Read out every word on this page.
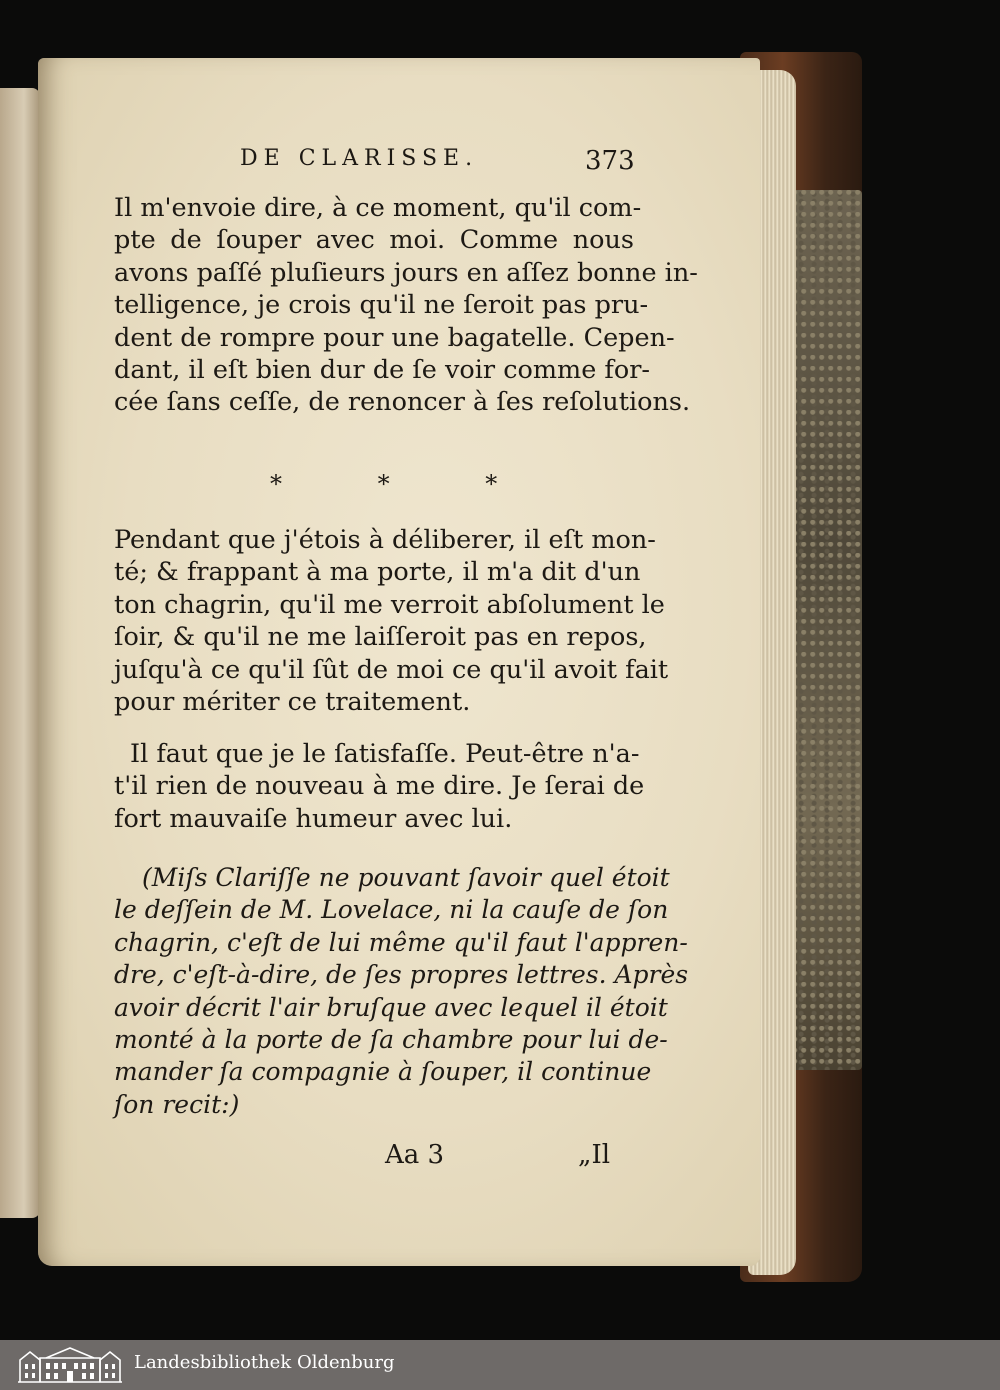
DE CLARISSE.	373

Il m'envoie dire, à ce moment, qu'il com-
pte de ſouper avec moi. Comme nous
avons paſſé pluſieurs jours en aſſez bonne in-
telligence, je crois qu'il ne ſeroit pas pru-
dent de rompre pour une bagatelle. Cepen-
dant, il eſt bien dur de ſe voir comme for-
cée ſans ceſſe, de renoncer à ſes reſolutions.

* * *

Pendant que j'étois à déliberer, il eſt mon-
té; & frappant à ma porte, il m'a dit d'un
ton chagrin, qu'il me verroit abſolument le
ſoir, & qu'il ne me laiſſeroit pas en repos,
juſqu'à ce qu'il ſût de moi ce qu'il avoit fait
pour mériter ce traitement.

Il faut que je le ſatisfaſſe. Peut-être n'a-
t'il rien de nouveau à me dire. Je ſerai de
fort mauvaiſe humeur avec lui.

(Miſs Clariſſe ne pouvant ſavoir quel étoit
le deſſein de M. Lovelace, ni la cauſe de ſon
chagrin, c'eſt de lui même qu'il faut l'appren-
dre, c'eſt-à-dire, de ſes propres lettres. Après
avoir décrit l'air bruſque avec lequel il étoit
monté à la porte de ſa chambre pour lui de-
mander ſa compagnie à ſouper, il continue
ſon recit:)

Aa 3	„Il
Landesbibliothek Oldenburg
